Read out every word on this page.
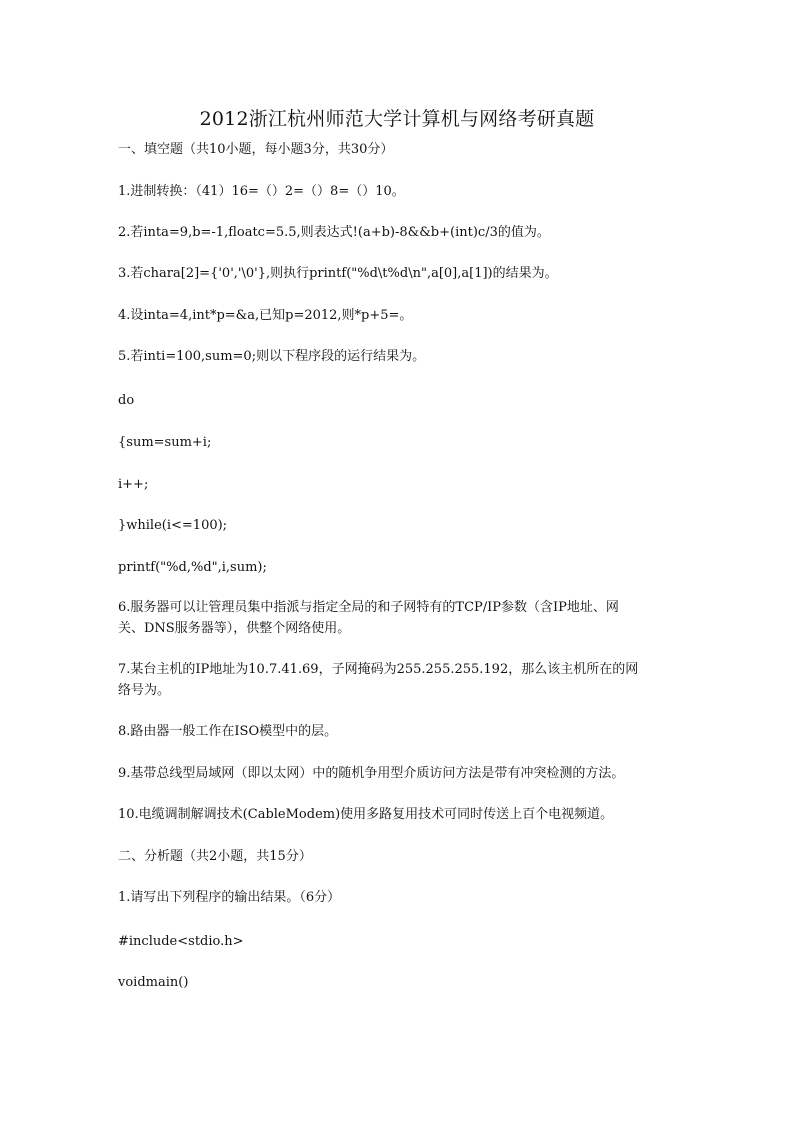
2012浙江杭州师范大学计算机与网络考研真题
一、填空题（共10小题，每小题3分，共30分）
1.进制转换：（41）16=（）2=（）8=（）10。
2.若inta=9,b=-1,floatc=5.5,则表达式!(a+b)-8&&b+(int)c/3的值为。
3.若chara[2]={'0','\0'},则执行printf("%d\t%d\n",a[0],a[1])的结果为。
4.设inta=4,int*p=&a,已知p=2012,则*p+5=。
5.若inti=100,sum=0;则以下程序段的运行结果为。
do
{sum=sum+i;
i++;
}while(i<=100);
printf("%d,%d",i,sum);
6.服务器可以让管理员集中指派与指定全局的和子网特有的TCP/IP参数（含IP地址、网
关、DNS服务器等），供整个网络使用。
7.某台主机的IP地址为10.7.41.69，子网掩码为255.255.255.192，那么该主机所在的网
络号为。
8.路由器一般工作在ISO模型中的层。
9.基带总线型局域网（即以太网）中的随机争用型介质访问方法是带有冲突检测的方法。
10.电缆调制解调技术(CableModem)使用多路复用技术可同时传送上百个电视频道。
二、分析题（共2小题，共15分）
1.请写出下列程序的输出结果。（6分）
#include<stdio.h>
voidmain()
